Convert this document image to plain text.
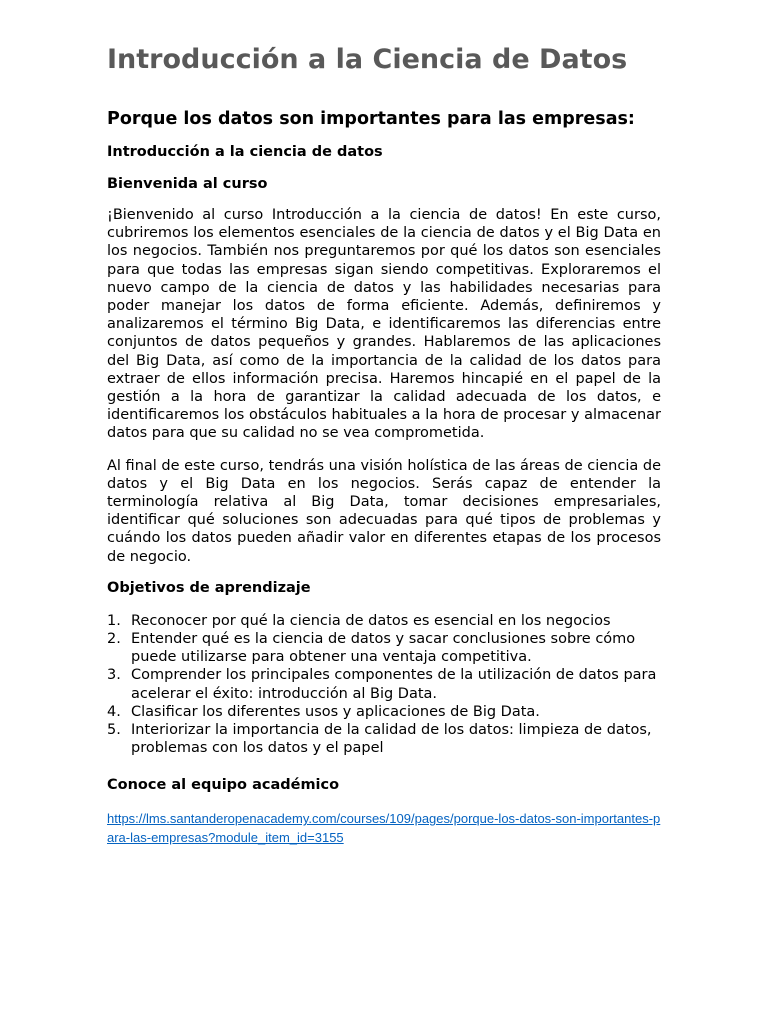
Introducción a la Ciencia de Datos
Porque los datos son importantes para las empresas:
Introducción a la ciencia de datos
Bienvenida al curso

¡Bienvenido al curso Introducción a la ciencia de datos! En este curso, cubriremos los elementos esenciales de la ciencia de datos y el Big Data en los negocios. También nos preguntaremos por qué los datos son esenciales para que todas las empresas sigan siendo competitivas. Exploraremos el nuevo campo de la ciencia de datos y las habilidades necesarias para poder manejar los datos de forma eficiente. Además, definiremos y analizaremos el término Big Data, e identificaremos las diferencias entre conjuntos de datos pequeños y grandes. Hablaremos de las aplicaciones del Big Data, así como de la importancia de la calidad de los datos para extraer de ellos información precisa. Haremos hincapié en el papel de la gestión a la hora de garantizar la calidad adecuada de los datos, e identificaremos los obstáculos habituales a la hora de procesar y almacenar datos para que su calidad no se vea comprometida.

Al final de este curso, tendrás una visión holística de las áreas de ciencia de datos y el Big Data en los negocios. Serás capaz de entender la terminología relativa al Big Data, tomar decisiones empresariales, identificar qué soluciones son adecuadas para qué tipos de problemas y cuándo los datos pueden añadir valor en diferentes etapas de los procesos de negocio.

Objetivos de aprendizaje
1. Reconocer por qué la ciencia de datos es esencial en los negocios
2. Entender qué es la ciencia de datos y sacar conclusiones sobre cómo puede utilizarse para obtener una ventaja competitiva.
3. Comprender los principales componentes de la utilización de datos para acelerar el éxito: introducción al Big Data.
4. Clasificar los diferentes usos y aplicaciones de Big Data.
5. Interiorizar la importancia de la calidad de los datos: limpieza de datos, problemas con los datos y el papel
Conoce al equipo académico
https://lms.santanderopenacademy.com/courses/109/pages/porque-los-datos-son-importantes-para-las-empresas?module_item_id=3155
